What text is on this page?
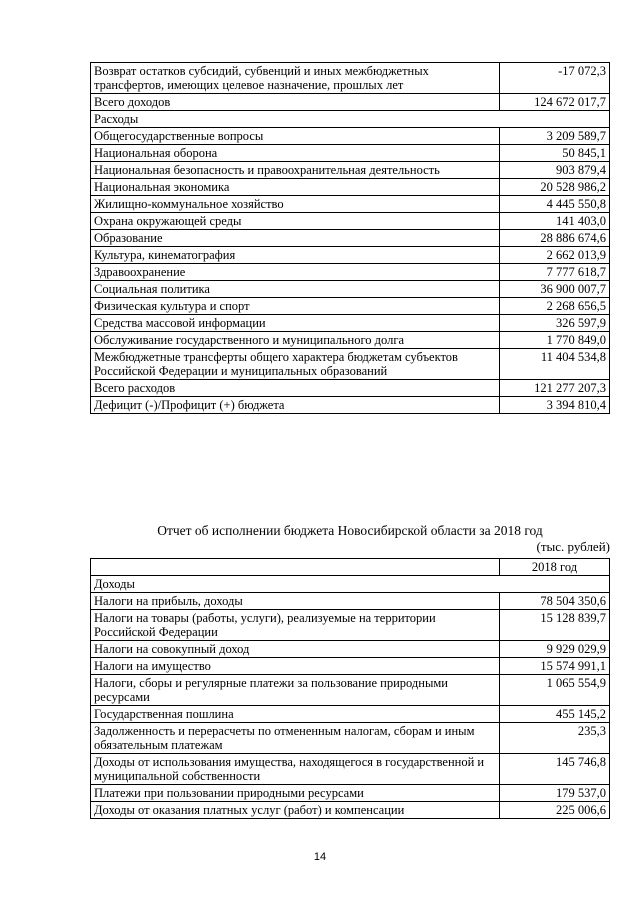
Возврат остатков субсидий, субвенций и иных межбюджетных трансфертов, имеющих целевое назначение, прошлых лет	-17 072,3
Всего доходов	124 672 017,7
Расходы	
Общегосударственные вопросы	3 209 589,7
Национальная оборона	50 845,1
Национальная безопасность и правоохранительная деятельность	903 879,4
Национальная экономика	20 528 986,2
Жилищно-коммунальное хозяйство	4 445 550,8
Охрана окружающей среды	141 403,0
Образование	28 886 674,6
Культура, кинематография	2 662 013,9
Здравоохранение	7 777 618,7
Социальная политика	36 900 007,7
Физическая культура и спорт	2 268 656,5
Средства массовой информации	326 597,9
Обслуживание государственного и муниципального долга	1 770 849,0
Межбюджетные трансферты общего характера бюджетам субъектов Российской Федерации и муниципальных образований	11 404 534,8
Всего расходов	121 277 207,3
Дефицит (-)/Профицит (+) бюджета	3 394 810,4
Отчет об исполнении бюджета Новосибирской области за 2018 год
(тыс. рублей)
	2018 год
Доходы	
Налоги на прибыль, доходы	78 504 350,6
Налоги на товары (работы, услуги), реализуемые на территории Российской Федерации	15 128 839,7
Налоги на совокупный доход	9 929 029,9
Налоги на имущество	15 574 991,1
Налоги, сборы и регулярные платежи за пользование природными ресурсами	1 065 554,9
Государственная пошлина	455 145,2
Задолженность и перерасчеты по отмененным налогам, сборам и иным обязательным платежам	235,3
Доходы от использования имущества, находящегося в государственной и муниципальной собственности	145 746,8
Платежи при пользовании природными ресурсами	179 537,0
Доходы от оказания платных услуг (работ) и компенсации	225 006,6
14
